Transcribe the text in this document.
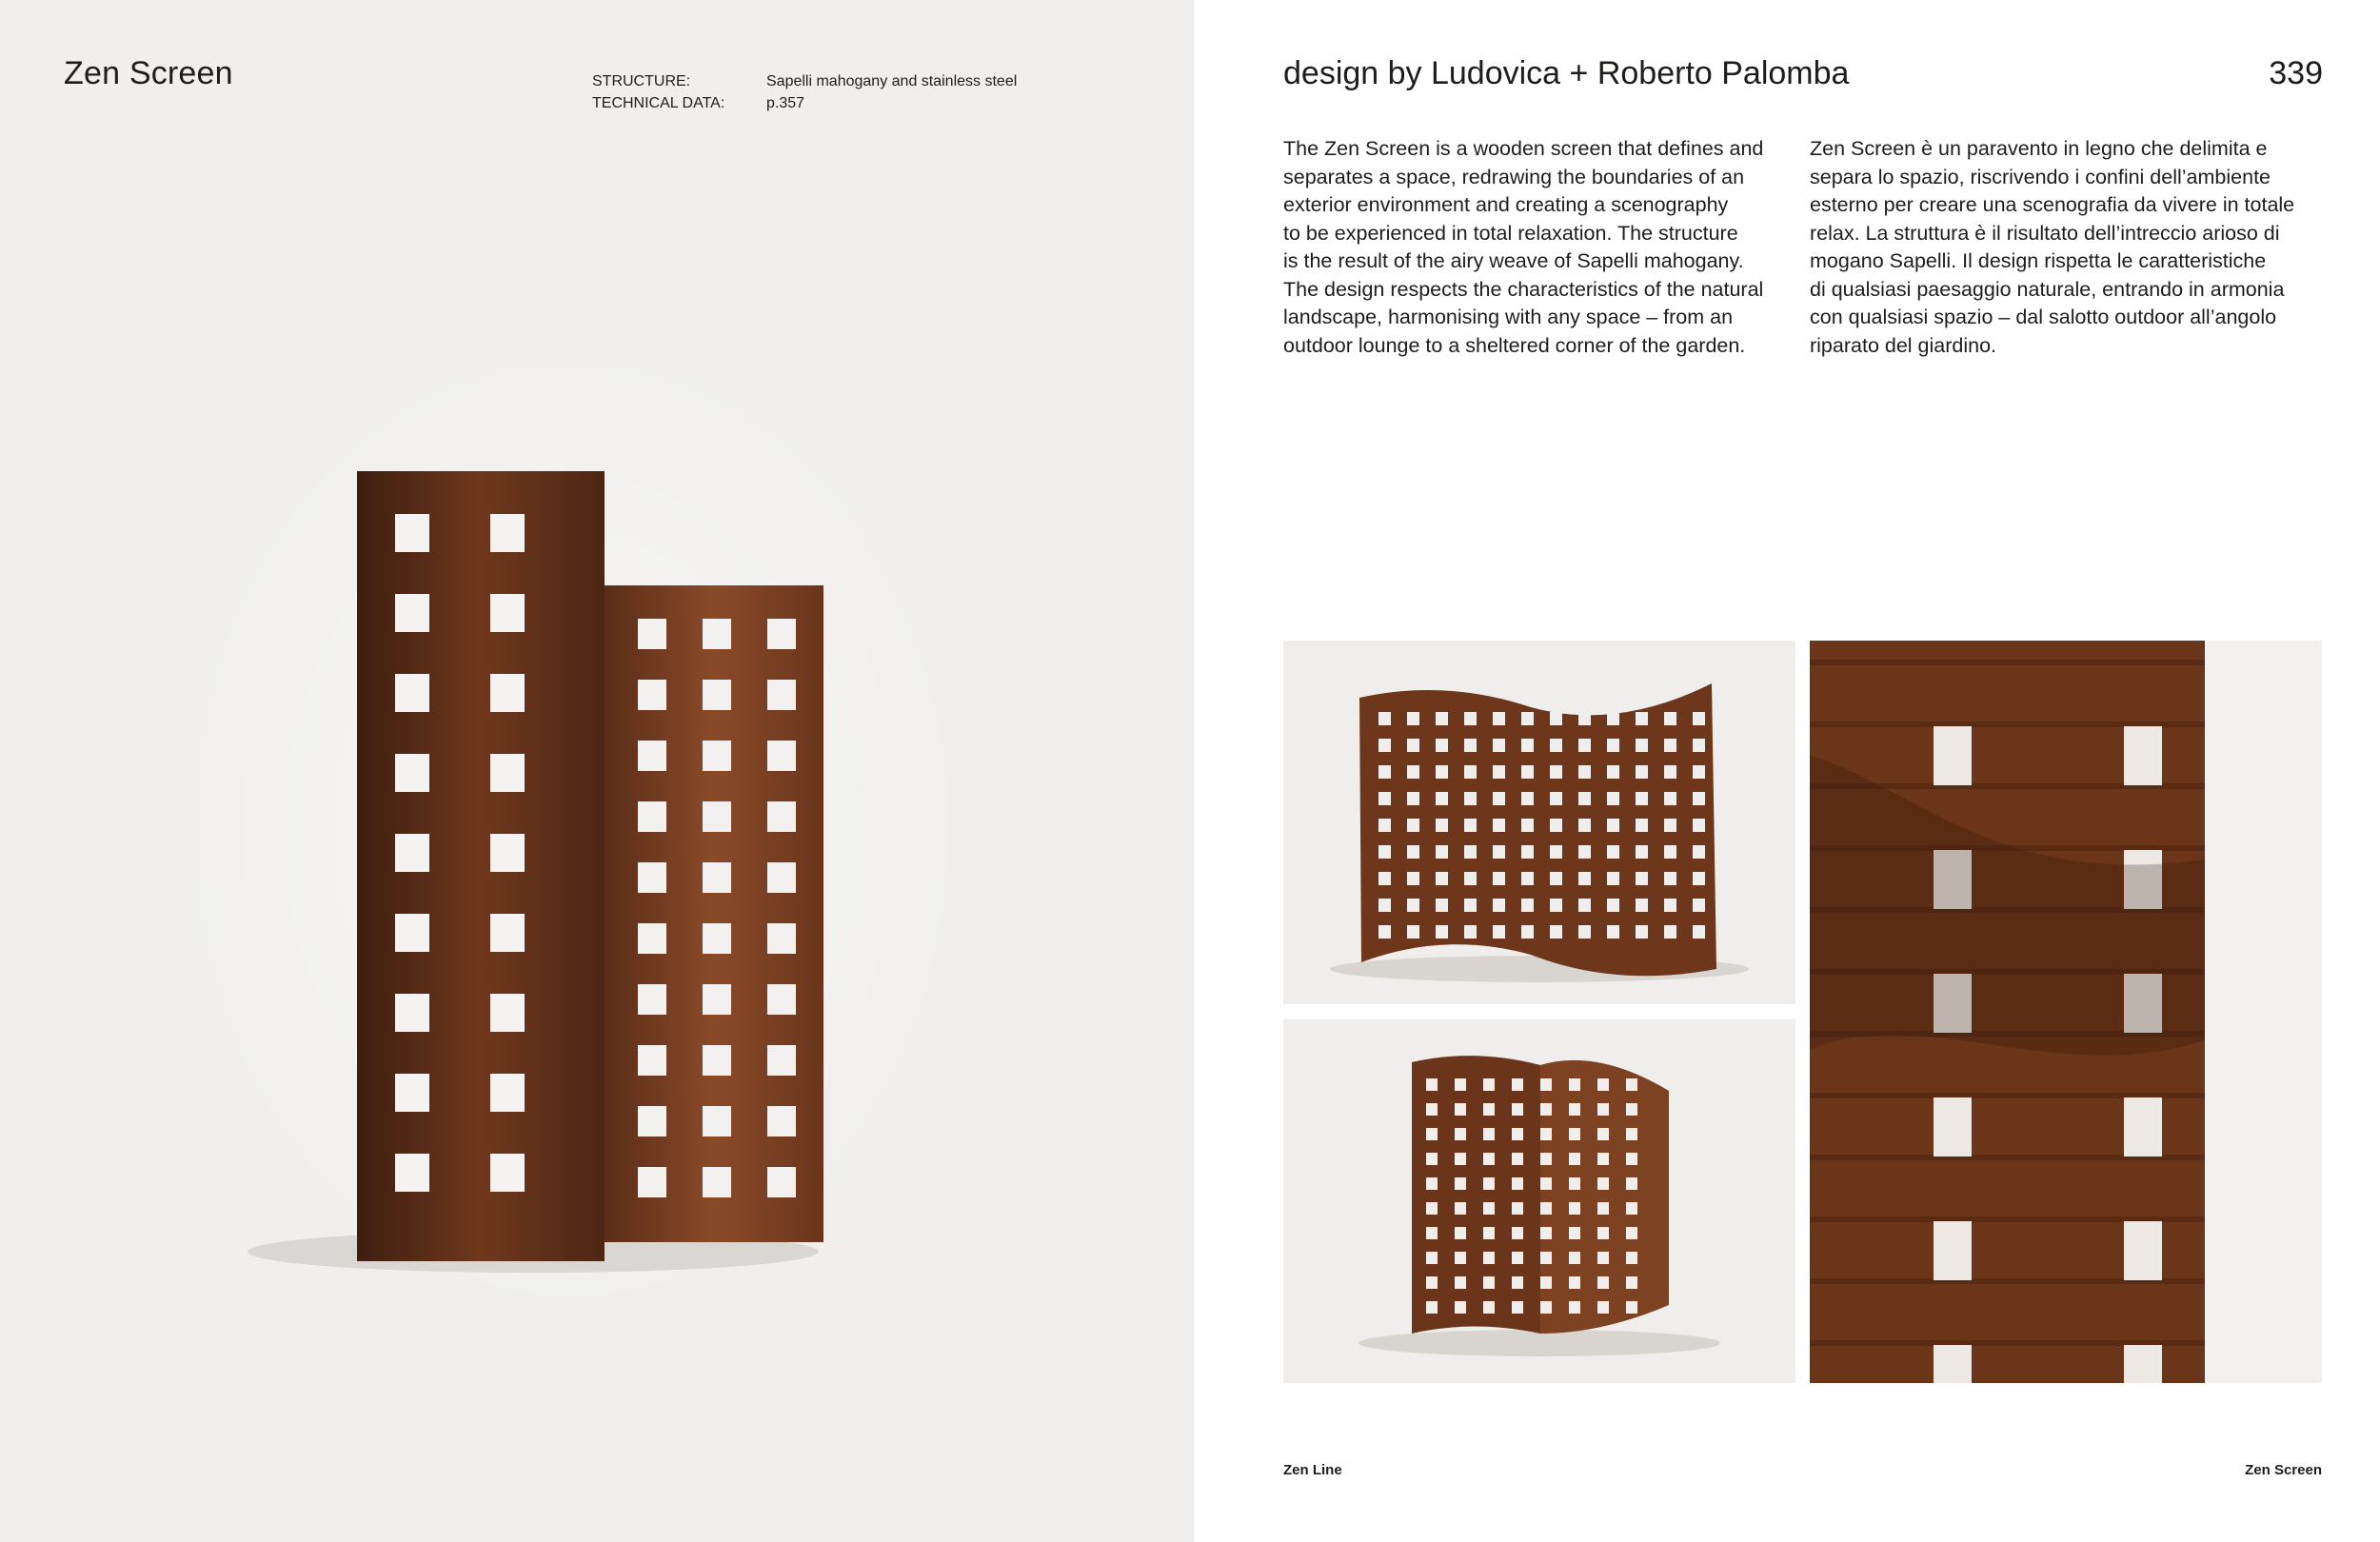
Zen Screen	STRUCTURE:	Sapelli mahogany and stainless steel
TECHNICAL DATA:	p.357
design by Ludovica + Roberto Palomba	339
The Zen Screen is a wooden screen that defines and
separates a space, redrawing the boundaries of an
exterior environment and creating a scenography
to be experienced in total relaxation. The structure
is the result of the airy weave of Sapelli mahogany.
The design respects the characteristics of the natural
landscape, harmonising with any space – from an
outdoor lounge to a sheltered corner of the garden.
Zen Screen è un paravento in legno che delimita e
separa lo spazio, riscrivendo i confini dell’ambiente
esterno per creare una scenografia da vivere in totale
relax. La struttura è il risultato dell’intreccio arioso di
mogano Sapelli. Il design rispetta le caratteristiche
di qualsiasi paesaggio naturale, entrando in armonia
con qualsiasi spazio – dal salotto outdoor all’angolo
riparato del giardino.
Zen Line	Zen Screen
